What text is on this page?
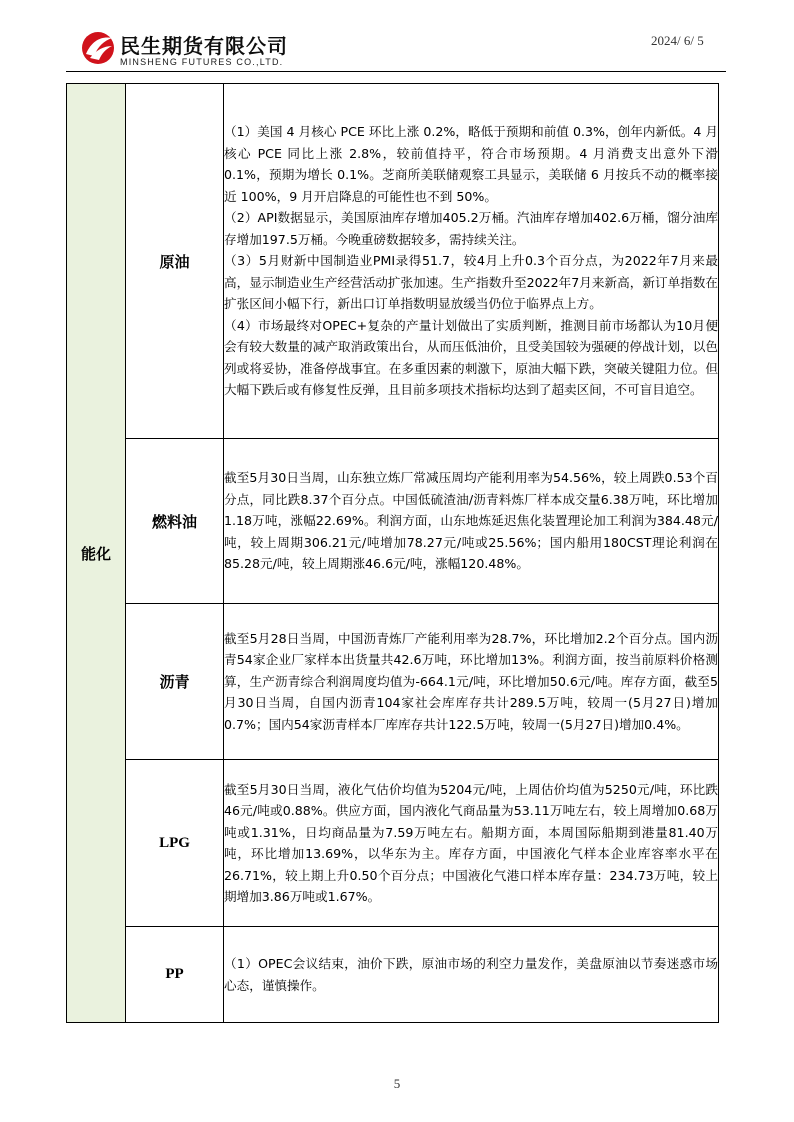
民生期货有限公司
MINSHENG FUTURES CO.,LTD.
2024/ 6/ 5
能化	原油	（1）美国 4 月核心 PCE 环比上涨 0.2%，略低于预期和前值 0.3%，创年内新低。4 月核心 PCE 同比上涨 2.8%，较前值持平，符合市场预期。4 月消费支出意外下滑 0.1%，预期为增长 0.1%。芝商所美联储观察工具显示，美联储 6 月按兵不动的概率接近 100%，9 月开启降息的可能性也不到 50%。

（2）API数据显示，美国原油库存增加405.2万桶。汽油库存增加402.6万桶，馏分油库存增加197.5万桶。今晚重磅数据较多，需持续关注。

（3）5月财新中国制造业PMI录得51.7，较4月上升0.3个百分点，为2022年7月来最高，显示制造业生产经营活动扩张加速。生产指数升至2022年7月来新高，新订单指数在扩张区间小幅下行，新出口订单指数明显放缓当仍位于临界点上方。

（4）市场最终对OPEC+复杂的产量计划做出了实质判断，推测目前市场都认为10月便会有较大数量的减产取消政策出台，从而压低油价，且受美国较为强硬的停战计划，以色列或将妥协，准备停战事宜。在多重因素的刺激下，原油大幅下跌，突破关键阻力位。但大幅下跌后或有修复性反弹，且目前多项技术指标均达到了超卖区间，不可盲目追空。

	燃料油	截至5月30日当周，山东独立炼厂常减压周均产能利用率为54.56%，较上周跌0.53个百分点，同比跌8.37个百分点。中国低硫渣油/沥青料炼厂样本成交量6.38万吨，环比增加1.18万吨，涨幅22.69%。利润方面，山东地炼延迟焦化装置理论加工利润为384.48元/吨，较上周期306.21元/吨增加78.27元/吨或25.56%；国内船用180CST理论利润在85.28元/吨，较上周期涨46.6元/吨，涨幅120.48%。

	沥青	截至5月28日当周，中国沥青炼厂产能利用率为28.7%，环比增加2.2个百分点。国内沥青54家企业厂家样本出货量共42.6万吨，环比增加13%。利润方面，按当前原料价格测算，生产沥青综合利润周度均值为-664.1元/吨，环比增加50.6元/吨。库存方面，截至5月30日当周，自国内沥青104家社会库库存共计289.5万吨，较周一(5月27日)增加0.7%；国内54家沥青样本厂库库存共计122.5万吨，较周一(5月27日)增加0.4%。

	LPG	截至5月30日当周，液化气估价均值为5204元/吨，上周估价均值为5250元/吨，环比跌46元/吨或0.88%。供应方面，国内液化气商品量为53.11万吨左右，较上周增加0.68万吨或1.31%，日均商品量为7.59万吨左右。船期方面，本周国际船期到港量81.40万吨，环比增加13.69%，以华东为主。库存方面，中国液化气样本企业库容率水平在26.71%，较上期上升0.50个百分点；中国液化气港口样本库存量：234.73万吨，较上期增加3.86万吨或1.67%。

	PP	（1）OPEC会议结束，油价下跌，原油市场的利空力量发作，美盘原油以节奏迷惑市场心态，谨慎操作。

5
